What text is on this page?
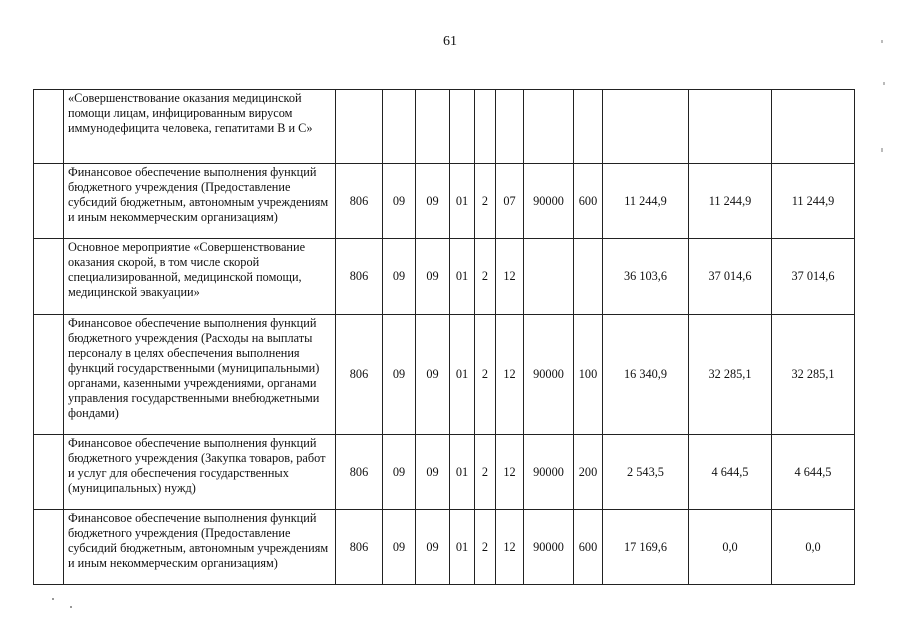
61
	«Совершенствование оказания медицинской помощи лицам, инфицированным вирусом иммунодефицита человека, гепатитами В и С»											
	Финансовое обеспечение выполнения функций бюджетного учреждения (Предоставление субсидий бюджетным, автономным учреждениям и иным некоммерческим организациям)	806	09	09	01	2	07	90000	600	11 244,9	11 244,9	11 244,9
	Основное мероприятие «Совершенствование оказания скорой, в том числе скорой специализированной, медицинской помощи, медицинской эвакуации»	806	09	09	01	2	12			36 103,6	37 014,6	37 014,6
	Финансовое обеспечение выполнения функций бюджетного учреждения (Расходы на выплаты персоналу в целях обеспечения выполнения функций государственными (муниципальными) органами, казенными учреждениями, органами управления государственными внебюджетными фондами)	806	09	09	01	2	12	90000	100	16 340,9	32 285,1	32 285,1
	Финансовое обеспечение выполнения функций бюджетного учреждения (Закупка товаров, работ и услуг для обеспечения государственных (муниципальных) нужд)	806	09	09	01	2	12	90000	200	2 543,5	4 644,5	4 644,5
	Финансовое обеспечение выполнения функций бюджетного учреждения (Предоставление субсидий бюджетным, автономным учреждениям и иным некоммерческим организациям)	806	09	09	01	2	12	90000	600	17 169,6	0,0	0,0
